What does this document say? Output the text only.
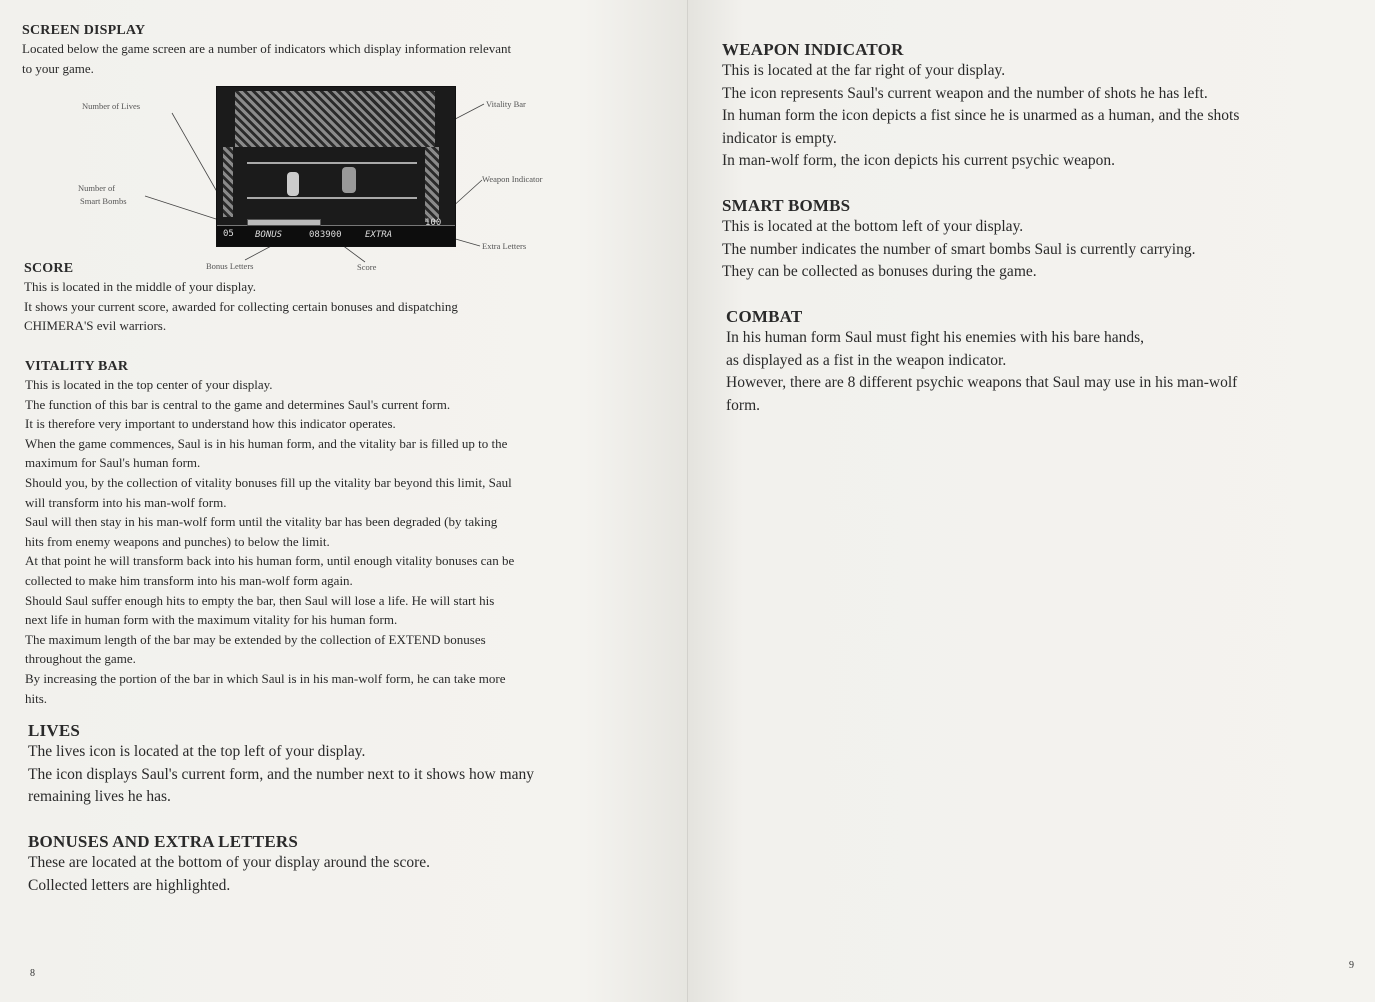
SCREEN DISPLAY
Located below the game screen are a number of indicators which display information relevant
to your game.
05 BONUS	083900	EXTRA
100
Number of Lives
Number of
Smart Bombs
Vitality Bar
Weapon Indicator
Extra Letters
Bonus Letters	Score
SCORE
This is located in the middle of your display.
It shows your current score, awarded for collecting certain bonuses and dispatching
CHIMERA'S evil warriors.
VITALITY BAR
This is located in the top center of your display.
The function of this bar is central to the game and determines Saul's current form.
It is therefore very important to understand how this indicator operates.
When the game commences, Saul is in his human form, and the vitality bar is filled up to the
maximum for Saul's human form.
Should you, by the collection of vitality bonuses fill up the vitality bar beyond this limit, Saul
will transform into his man-wolf form.
Saul will then stay in his man-wolf form until the vitality bar has been degraded (by taking
hits from enemy weapons and punches) to below the limit.
At that point he will transform back into his human form, until enough vitality bonuses can be
collected to make him transform into his man-wolf form again.
Should Saul suffer enough hits to empty the bar, then Saul will lose a life. He will start his
next life in human form with the maximum vitality for his human form.
The maximum length of the bar may be extended by the collection of EXTEND bonuses
throughout the game.
By increasing the portion of the bar in which Saul is in his man-wolf form, he can take more
hits.
LIVES
The lives icon is located at the top left of your display.
The icon displays Saul's current form, and the number next to it shows how many
remaining lives he has.
BONUSES AND EXTRA LETTERS
These are located at the bottom of your display around the score.
Collected letters are highlighted.
8
WEAPON INDICATOR
This is located at the far right of your display.
The icon represents Saul's current weapon and the number of shots he has left.
In human form the icon depicts a fist since he is unarmed as a human, and the shots
indicator is empty.
In man-wolf form, the icon depicts his current psychic weapon.
SMART BOMBS
This is located at the bottom left of your display.
The number indicates the number of smart bombs Saul is currently carrying.
They can be collected as bonuses during the game.
COMBAT
In his human form Saul must fight his enemies with his bare hands,
as displayed as a fist in the weapon indicator.
However, there are 8 different psychic weapons that Saul may use in his man-wolf
form.
9
